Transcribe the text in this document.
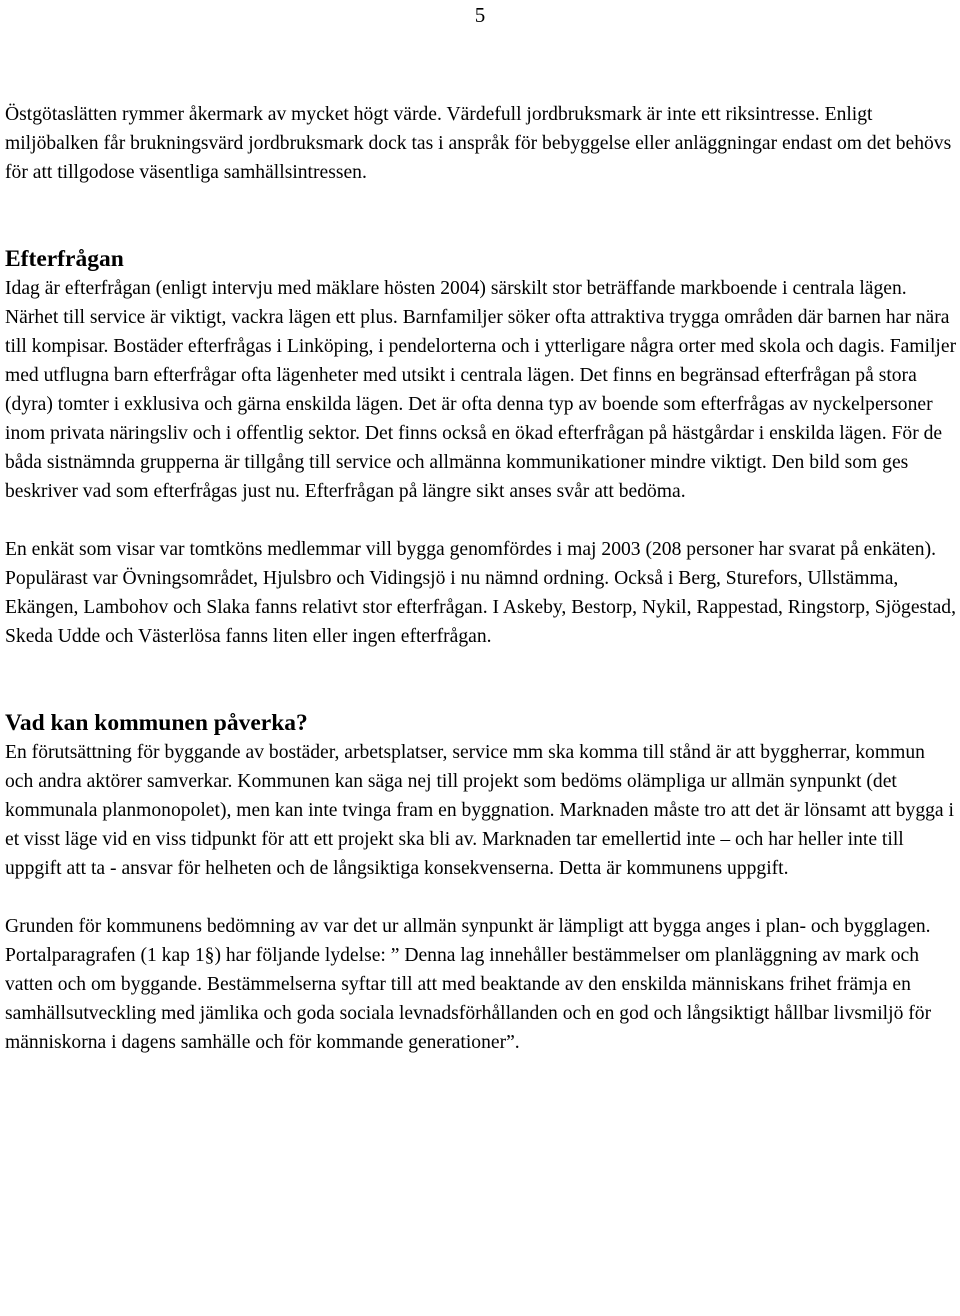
5

Östgötaslätten rymmer åkermark av mycket högt värde. Värdefull jordbruksmark är inte ett riksintresse. Enligt miljöbalken får brukningsvärd jordbruksmark dock tas i anspråk för bebyggelse eller anläggningar endast om det behövs för att tillgodose väsentliga samhällsintressen.

Efterfrågan

Idag är efterfrågan (enligt intervju med mäklare hösten 2004) särskilt stor beträffande markboende i centrala lägen. Närhet till service är viktigt, vackra lägen ett plus. Barnfamiljer söker ofta attraktiva trygga områden där barnen har nära till kompisar. Bostäder efterfrågas i Linköping, i pendelorterna och i ytterligare några orter med skola och dagis. Familjer med utflugna barn efterfrågar ofta lägenheter med utsikt i centrala lägen. Det finns en begränsad efterfrågan på stora (dyra) tomter i exklusiva och gärna enskilda lägen. Det är ofta denna typ av boende som efterfrågas av nyckelpersoner inom privata näringsliv och i offentlig sektor. Det finns också en ökad efterfrågan på hästgårdar i enskilda lägen. För de båda sistnämnda grupperna är tillgång till service och allmänna kommunikationer mindre viktigt. Den bild som ges beskriver vad som efterfrågas just nu. Efterfrågan på längre sikt anses svår att bedöma.

En enkät som visar var tomtköns medlemmar vill bygga genomfördes i maj 2003 (208 personer har svarat på enkäten). Populärast var Övningsområdet, Hjulsbro och Vidingsjö i nu nämnd ordning. Också i Berg, Sturefors, Ullstämma, Ekängen, Lambohov och Slaka fanns relativt stor efterfrågan. I Askeby, Bestorp, Nykil, Rappestad, Ringstorp, Sjögestad, Skeda Udde och Västerlösa fanns liten eller ingen efterfrågan.

Vad kan kommunen påverka?

En förutsättning för byggande av bostäder, arbetsplatser, service mm ska komma till stånd är att byggherrar, kommun och andra aktörer samverkar. Kommunen kan säga nej till projekt som bedöms olämpliga ur allmän synpunkt (det kommunala planmonopolet), men kan inte tvinga fram en byggnation. Marknaden måste tro att det är lönsamt att bygga i et visst läge vid en viss tidpunkt för att ett projekt ska bli av. Marknaden tar emellertid inte – och har heller inte till uppgift att ta - ansvar för helheten och de långsiktiga konsekvenserna. Detta är kommunens uppgift.

Grunden för kommunens bedömning av var det ur allmän synpunkt är lämpligt att bygga anges i plan- och bygglagen. Portalparagrafen (1 kap 1§) har följande lydelse: ” Denna lag innehåller bestämmelser om planläggning av mark och vatten och om byggande. Bestämmelserna syftar till att med beaktande av den enskilda människans frihet främja en samhällsutveckling med jämlika och goda sociala levnadsförhållanden och en god och långsiktigt hållbar livsmiljö för människorna i dagens samhälle och för kommande generationer”.
